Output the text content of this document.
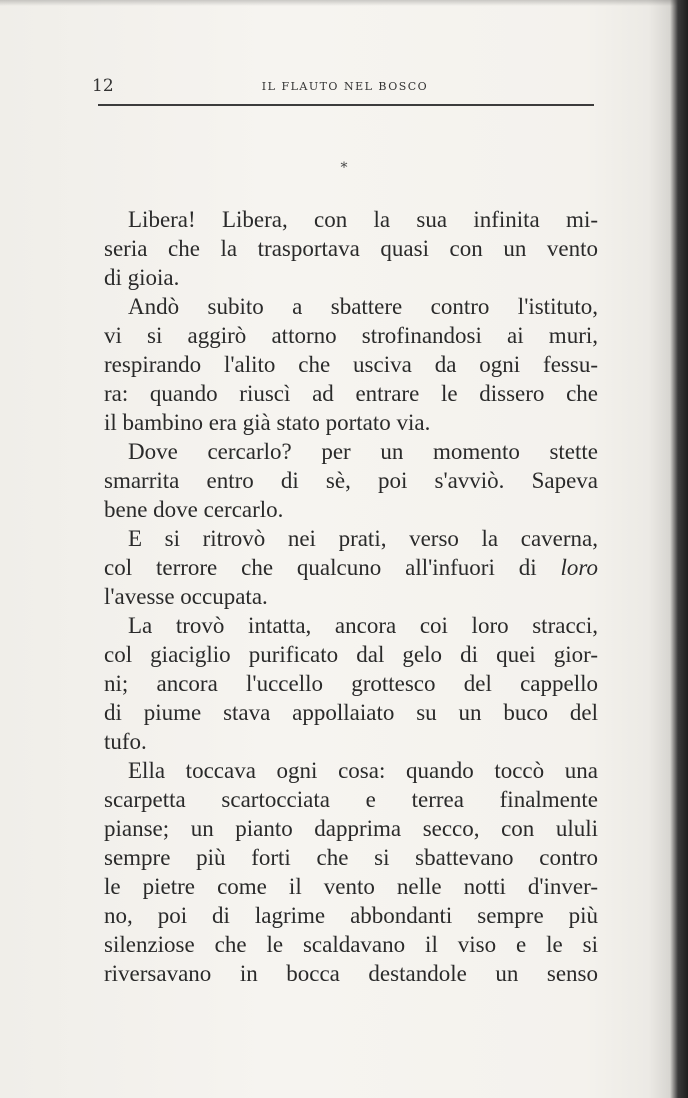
12	IL FLAUTO NEL BOSCO
*
Libera! Libera, con la sua infinita mi-
seria che la trasportava quasi con un vento
di gioia.
Andò subito a sbattere contro l'istituto,
vi si aggirò attorno strofinandosi ai muri,
respirando l'alito che usciva da ogni fessu-
ra: quando riuscì ad entrare le dissero che
il bambino era già stato portato via.
Dove cercarlo? per un momento stette
smarrita entro di sè, poi s'avviò. Sapeva
bene dove cercarlo.
E si ritrovò nei prati, verso la caverna,
col terrore che qualcuno all'infuori di loro
l'avesse occupata.
La trovò intatta, ancora coi loro stracci,
col giaciglio purificato dal gelo di quei gior-
ni; ancora l'uccello grottesco del cappello
di piume stava appollaiato su un buco del
tufo.
Ella toccava ogni cosa: quando toccò una
scarpetta scartocciata e terrea finalmente
pianse; un pianto dapprima secco, con ululi
sempre più forti che si sbattevano contro
le pietre come il vento nelle notti d'inver-
no, poi di lagrime abbondanti sempre più
silenziose che le scaldavano il viso e le si
riversavano in bocca destandole un senso
